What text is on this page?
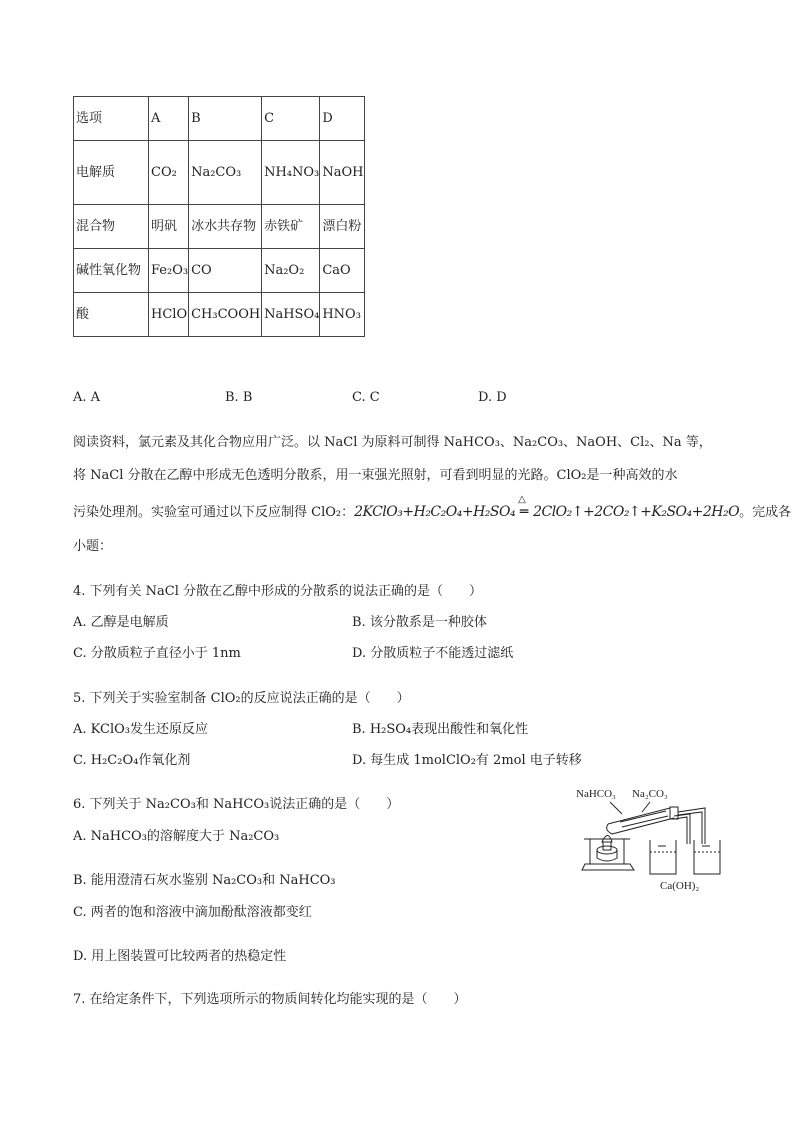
选项	A	B	C	D
电解质	CO₂	Na₂CO₃	NH₄NO₃	NaOH
混合物	明矾	冰水共存物	赤铁矿	漂白粉
碱性氧化物	Fe₂O₃	CO	Na₂O₂	CaO
酸	HClO	CH₃COOH	NaHSO₄	HNO₃
A. A	B. B	C. C	D. D
阅读资料，氯元素及其化合物应用广泛。以 NaCl 为原料可制得 NaHCO₃、Na₂CO₃、NaOH、Cl₂、Na 等，
将 NaCl 分散在乙醇中形成无色透明分散系，用一束强光照射，可看到明显的光路。ClO₂是一种高效的水
污染处理剂。实验室可通过以下反应制得 ClO₂：2KClO₃+H₂C₂O₄+H₂SO₄
△
═ 2ClO₂↑+2CO₂↑+K₂SO₄+2H₂O。完成各
小题：
4. 下列有关 NaCl 分散在乙醇中形成的分散系的说法正确的是（　　）
A. 乙醇是电解质	B. 该分散系是一种胶体
C. 分散质粒子直径小于 1nm	D. 分散质粒子不能透过滤纸
5. 下列关于实验室制备 ClO₂的反应说法正确的是（　　）
A. KClO₃发生还原反应	B. H₂SO₄表现出酸性和氧化性
C. H₂C₂O₄作氧化剂	D. 每生成 1molClO₂有 2mol 电子转移
6. 下列关于 Na₂CO₃和 NaHCO₃说法正确的是（　　）
A. NaHCO₃的溶解度大于 Na₂CO₃
B. 能用澄清石灰水鉴别 Na₂CO₃和 NaHCO₃
C. 两者的饱和溶液中滴加酚酞溶液都变红
D. 用上图装置可比较两者的热稳定性
NaHCO₃ Na₂CO₃
Ca(OH)₂
7. 在给定条件下，下列选项所示的物质间转化均能实现的是（　　）
